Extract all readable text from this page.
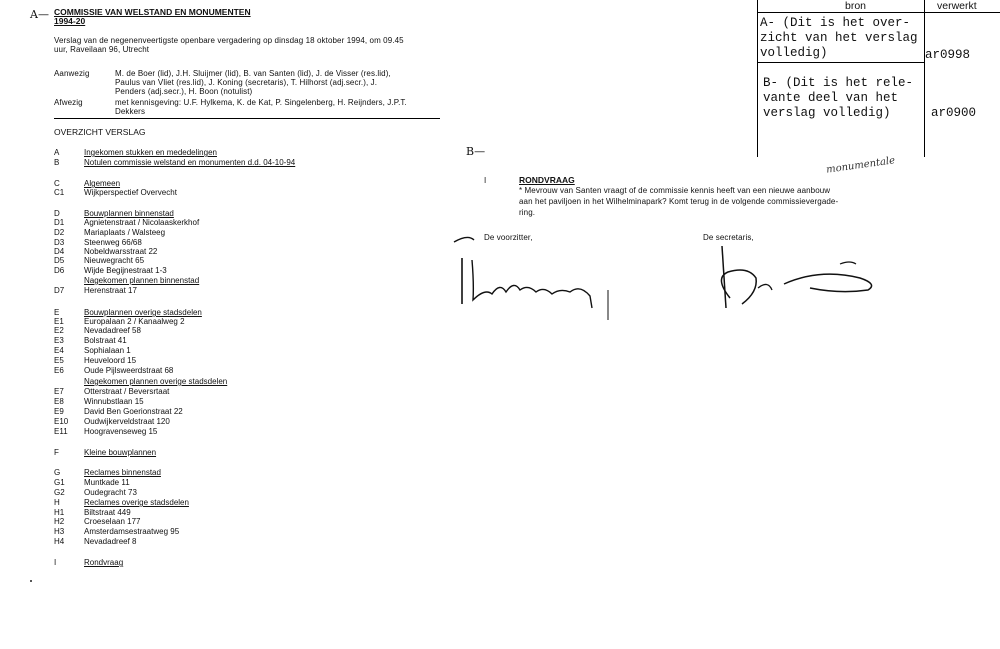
A— COMMISSIE VAN WELSTAND EN MONUMENTEN
1994-20
Verslag van de negenenveertigste openbare vergadering op dinsdag 18 oktober 1994, om 09.45
uur, Raveilaan 96, Utrecht
Aanwezig	M. de Boer (lid), J.H. Sluijmer (lid), B. van Santen (lid), J. de Visser (res.lid),
Paulus van Vliet (res.lid), J. Koning (secretaris), T. Hilhorst (adj.secr.), J.
Penders (adj.secr.), H. Boon (notulist)
Afwezig	met kennisgeving: U.F. Hylkema, K. de Kat, P. Singelenberg, H. Reijnders, J.P.T.
Dekkers
OVERZICHT VERSLAG
A	Ingekomen stukken en mededelingen
B	Notulen commissie welstand en monumenten d.d. 04-10-94
C	Algemeen
C1	Wijkperspectief Overvecht
D	Bouwplannen binnenstad
D1	Agnietenstraat / Nicolaaskerkhof
D2	Mariaplaats / Walsteeg
D3	Steenweg 66/68
D4	Nobeldwarsstraat 22
D5	Nieuwegracht 65
D6	Wijde Begijnestraat 1-3
Nagekomen plannen binnenstad
D7	Herenstraat 17
E	Bouwplannen overige stadsdelen
E1	Europalaan 2 / Kanaalweg 2
E2	Nevadadreef 58
E3	Bolstraat 41
E4	Sophialaan 1
E5	Heuveloord 15
E6	Oude Pijlsweerdstraat 68
Nagekomen plannen overige stadsdelen
E7	Otterstraat / Beversrtaat
E8	Winnubstlaan 15
E9	David Ben Goerionstraat 22
E10	Oudwijkerveldstraat 120
E11	Hoogravenseweg 15
F	Kleine bouwplannen
G	Reclames binnenstad
G1	Muntkade 11
G2	Oudegracht 73
H	Reclames overige stadsdelen
H1	Biltstraat 449
H2	Croeselaan 177
H3	Amsterdamsestraatweg 95
H4	Nevadadreef 8
I	Rondvraag
B—
I	RONDVRAAG
* Mevrouw van Santen vraagt of de commissie kennis heeft van een nieuwe aanbouw
aan het paviljoen in het Wilhelminapark? Komt terug in de volgende commissievergade-
ring.
monumentale
De voorzitter,	De secretaris,
bron	verwerkt
A- (Dit is het over-
zicht van het verslag
volledig)	ar0998
B- (Dit is het rele-
vante deel van het
verslag volledig)	ar0900
